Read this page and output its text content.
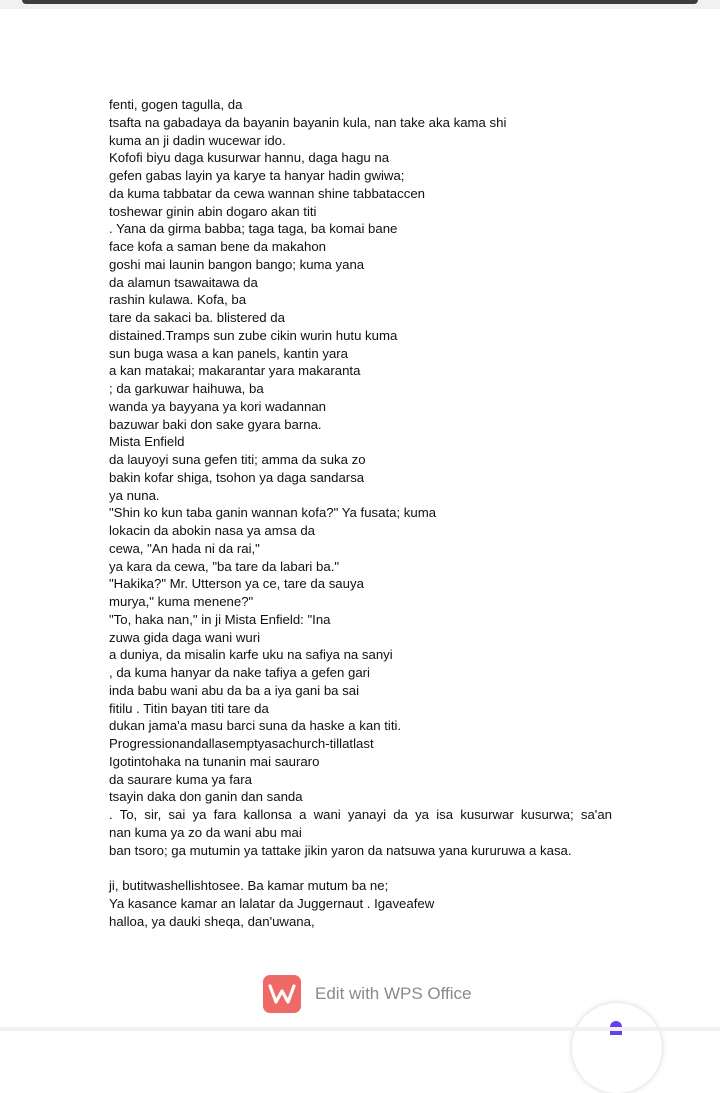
fenti, gogen tagulla, da
tsafta na gabadaya da bayanin bayanin kula, nan take aka kama shi
kuma an ji dadin wucewar ido.
Kofofi biyu daga kusurwar hannu, daga hagu na
gefen gabas layin ya karye ta hanyar hadin gwiwa;
da kuma tabbatar da cewa wannan shine tabbataccen
toshewar ginin abin dogaro akan titi
. Yana da girma babba; taga taga, ba komai bane
face kofa a saman bene da makahon
goshi mai launin bangon bango; kuma yana
da alamun tsawaitawa da
rashin kulawa. Kofa, ba
tare da sakaci ba. blistered da
distained.Tramps sun zube cikin wurin hutu kuma
sun buga wasa a kan panels, kantin yara
a kan matakai; makarantar yara makaranta
; da garkuwar haihuwa, ba
wanda ya bayyana ya kori wadannan
bazuwar baki don sake gyara barna.
Mista Enfield
da lauyoyi suna gefen titi; amma da suka zo
bakin kofar shiga, tsohon ya daga sandarsa
ya nuna.
"Shin ko kun taba ganin wannan kofa?" Ya fusata; kuma
lokacin da abokin nasa ya amsa da
cewa, "An hada ni da rai,"
ya kara da cewa, "ba tare da labari ba."
"Hakika?" Mr. Utterson ya ce, tare da sauya
murya," kuma menene?"
"To, haka nan," in ji Mista Enfield: "Ina
zuwa gida daga wani wuri
a duniya, da misalin karfe uku na safiya na sanyi
, da kuma hanyar da nake tafiya a gefen gari
inda babu wani abu da ba a iya gani ba sai
fitilu . Titin bayan titi tare da
dukan jama'a masu barci suna da haske a kan titi.
Progressionandallasemptyasachurch-tillatlast
Igotintohaka na tunanin mai sauraro
da saurare kuma ya fara
tsayin daka don ganin dan sanda
. To, sir, sai ya fara kallonsa a wani yanayi da ya isa kusurwar kusurwa; sa'an
nan kuma ya zo da wani abu mai
ban tsoro; ga mutumin ya tattake jikin yaron da natsuwa yana kururuwa a kasa.
ji, butitwashellishtosee. Ba kamar mutum ba ne;
Ya kasance kamar an lalatar da Juggernaut . Igaveafew
halloa, ya dauki sheqa, dan'uwana,
Edit with WPS Office
